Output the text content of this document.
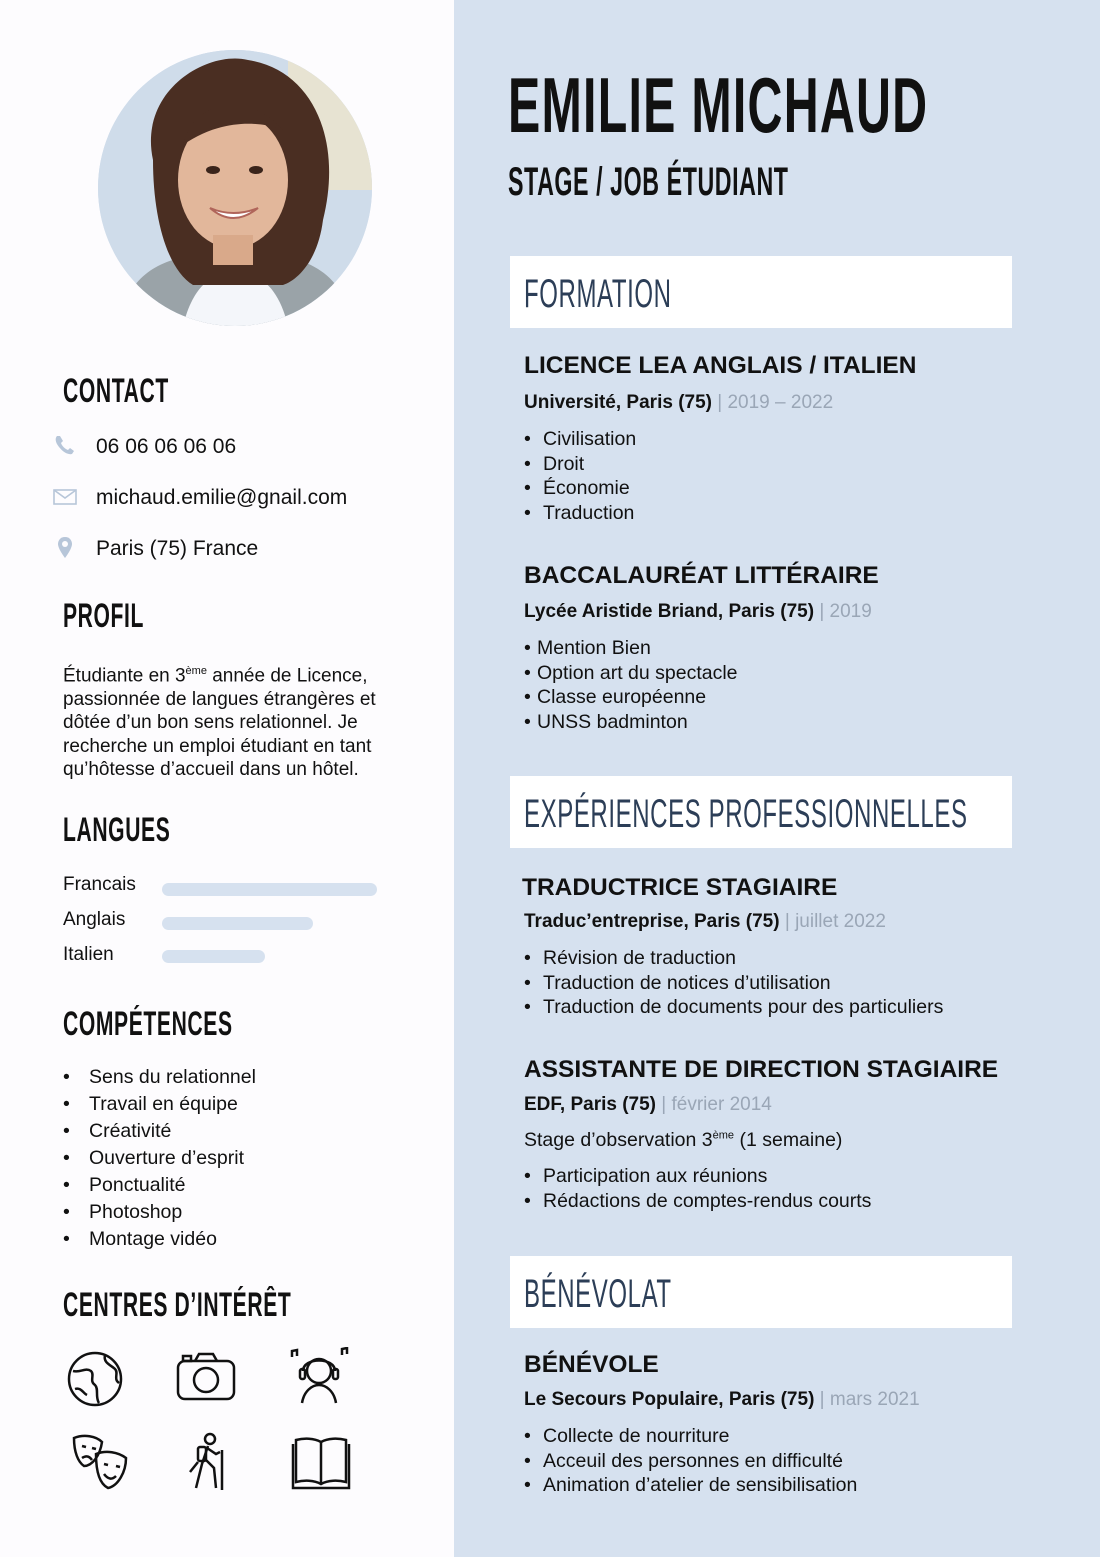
CONTACT
06 06 06 06 06
michaud.emilie@gnail.com
Paris (75) France
PROFIL
Étudiante en 3ème année de Licence, passionnée de langues étrangères et dôtée d’un bon sens relationnel. Je recherche un emploi étudiant en tant qu’hôtesse d’accueil dans un hôtel.
LANGUES
Francais
Anglais
Italien
COMPÉTENCES
• Sens du relationnel
• Travail en équipe
• Créativité
• Ouverture d’esprit
• Ponctualité
• Photoshop
• Montage vidéo
CENTRES D’INTÉRÊT
EMILIE MICHAUD
STAGE / JOB ÉTUDIANT
FORMATION
LICENCE LEA ANGLAIS / ITALIEN
Université, Paris (75) | 2019 – 2022
• Civilisation
• Droit
• Économie
• Traduction
BACCALAURÉAT LITTÉRAIRE
Lycée Aristide Briand, Paris (75) | 2019
• Mention Bien
• Option art du spectacle
• Classe européenne
• UNSS badminton
EXPÉRIENCES PROFESSIONNELLES
TRADUCTRICE STAGIAIRE
Traduc’entreprise, Paris (75) | juillet 2022
• Révision de traduction
• Traduction de notices d’utilisation
• Traduction de documents pour des particuliers
ASSISTANTE DE DIRECTION STAGIAIRE
EDF, Paris (75) | février 2014
Stage d’observation 3ème (1 semaine)
• Participation aux réunions
• Rédactions de comptes-rendus courts
BÉNÉVOLAT
BÉNÉVOLE
Le Secours Populaire, Paris (75) | mars 2021
• Collecte de nourriture
• Acceuil des personnes en difficulté
• Animation d’atelier de sensibilisation
